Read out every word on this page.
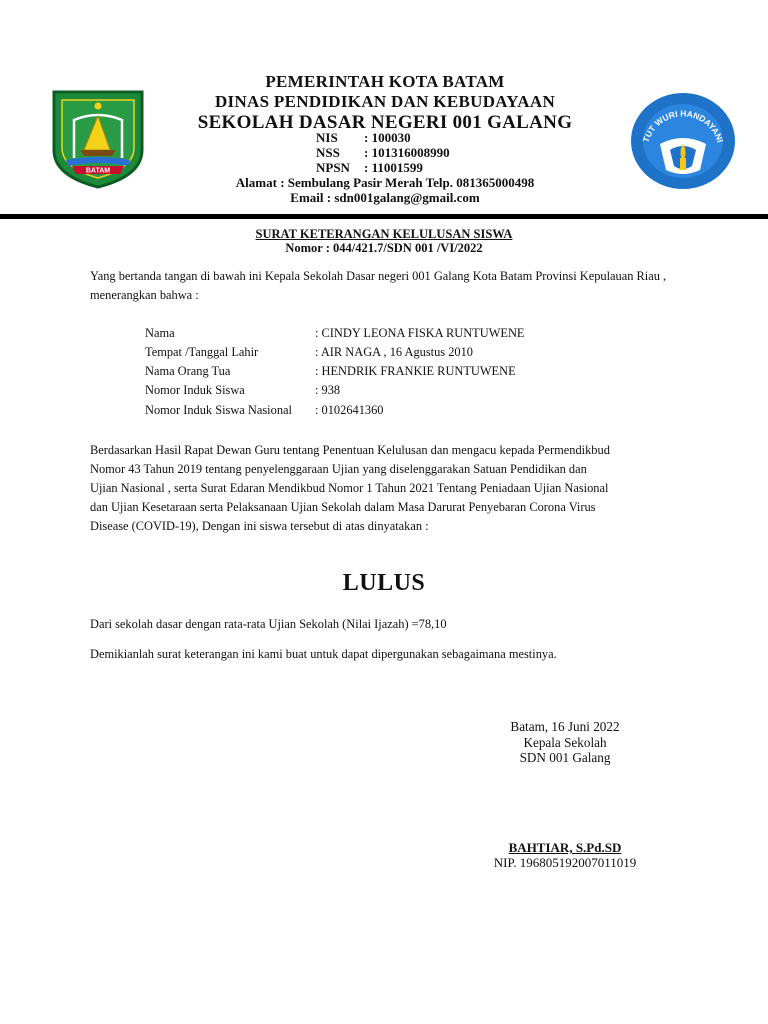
BATAM
TUT WURI HANDAYANI
PEMERINTAH KOTA BATAM
DINAS PENDIDIKAN DAN KEBUDAYAAN
SEKOLAH DASAR NEGERI 001 GALANG
NIS : 100030
NSS : 101316008990
NPSN : 11001599
Alamat : Sembulang Pasir Merah Telp. 081365000498
Email : sdn001galang@gmail.com
SURAT KETERANGAN KELULUSAN SISWA
Nomor : 044/421.7/SDN 001 /VI/2022
Yang bertanda tangan di bawah ini Kepala Sekolah Dasar negeri 001 Galang Kota Batam Provinsi Kepulauan Riau , menerangkan bahwa :
Nama	: CINDY LEONA FISKA RUNTUWENE
Tempat /Tanggal Lahir	: AIR NAGA , 16 Agustus 2010
Nama Orang Tua	: HENDRIK FRANKIE RUNTUWENE
Nomor Induk Siswa	: 938
Nomor Induk Siswa Nasional : 0102641360
Berdasarkan Hasil Rapat Dewan Guru tentang Penentuan Kelulusan dan mengacu kepada Permendikbud
Nomor 43 Tahun 2019 tentang penyelenggaraan Ujian yang diselenggarakan Satuan Pendidikan dan
Ujian Nasional , serta Surat Edaran Mendikbud Nomor 1 Tahun 2021 Tentang Peniadaan Ujian Nasional
dan Ujian Kesetaraan serta Pelaksanaan Ujian Sekolah dalam Masa Darurat Penyebaran Corona Virus
Disease (COVID-19), Dengan ini siswa tersebut di atas dinyatakan :
LULUS
Dari sekolah dasar dengan rata-rata Ujian Sekolah (Nilai Ijazah) =78,10
Demikianlah surat keterangan ini kami buat untuk dapat dipergunakan sebagaimana mestinya.
Batam, 16 Juni 2022
Kepala Sekolah
SDN 001 Galang
BAHTIAR, S.Pd.SD
NIP. 196805192007011019
